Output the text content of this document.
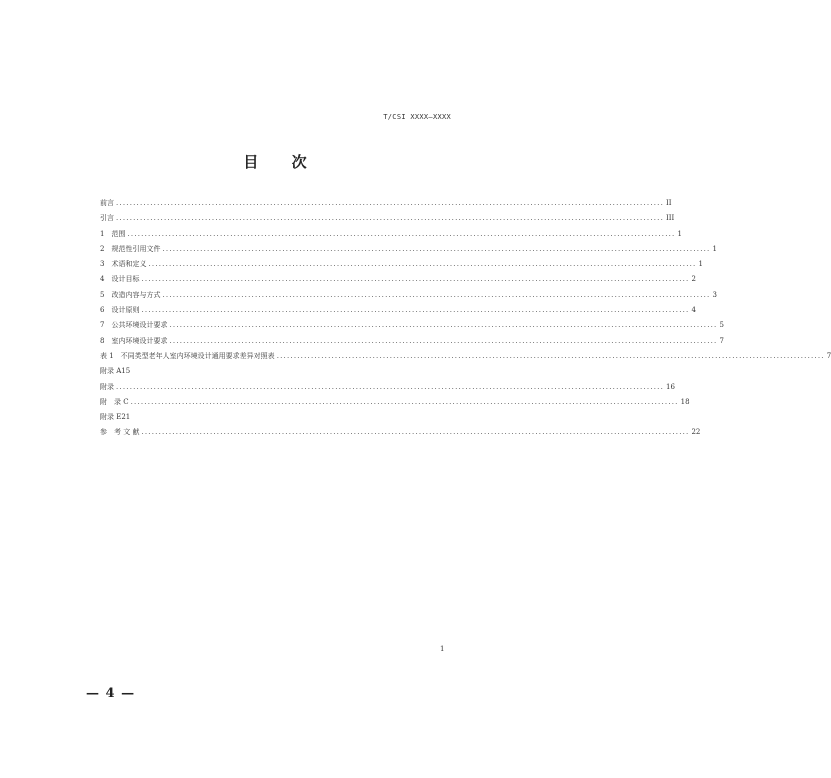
T/CSI XXXX—XXXX
目 次
前言 ................................................................................................................................................................ II
引言 ................................................................................................................................................................ III
1　范围 ................................................................................................................................................................ 1
2　规范性引用文件 ................................................................................................................................................................ 1
3　术语和定义 ................................................................................................................................................................ 1
4　设计目标 ................................................................................................................................................................ 2
5　改造内容与方式 ................................................................................................................................................................ 3
6　设计原则 ................................................................................................................................................................ 4
7　公共环境设计要求 ................................................................................................................................................................ 5
8　室内环境设计要求 ................................................................................................................................................................ 7
表 1　不同类型老年人室内环境设计通用要求差异对照表 ................................................................................................................................................................ 7
附录 A15
附录 ................................................................................................................................................................ 16
附　录 C ................................................................................................................................................................ 18
附录 E21
参　考 文 献 ................................................................................................................................................................ 22
1
— 4 —
